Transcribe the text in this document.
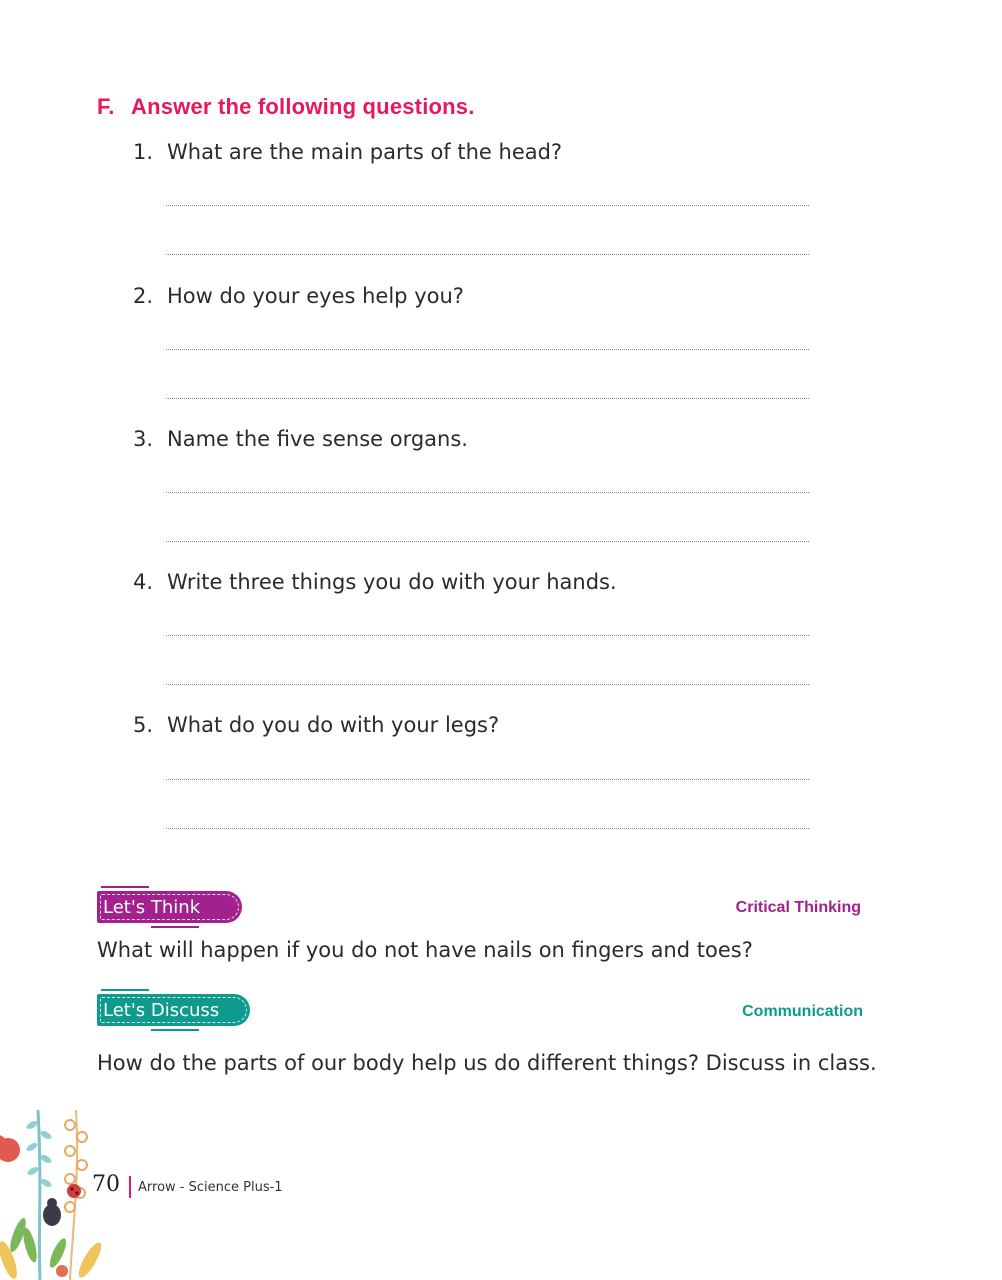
F. Answer the following questions.
1. What are the main parts of the head?
2. How do your eyes help you?
3. Name the five sense organs.
4. Write three things you do with your hands.
5. What do you do with your legs?
Let's Think	Critical Thinking

What will happen if you do not have nails on fingers and toes?

Let's Discuss	Communication

How do the parts of our body help us do different things? Discuss in class.

70 Arrow - Science Plus-1
